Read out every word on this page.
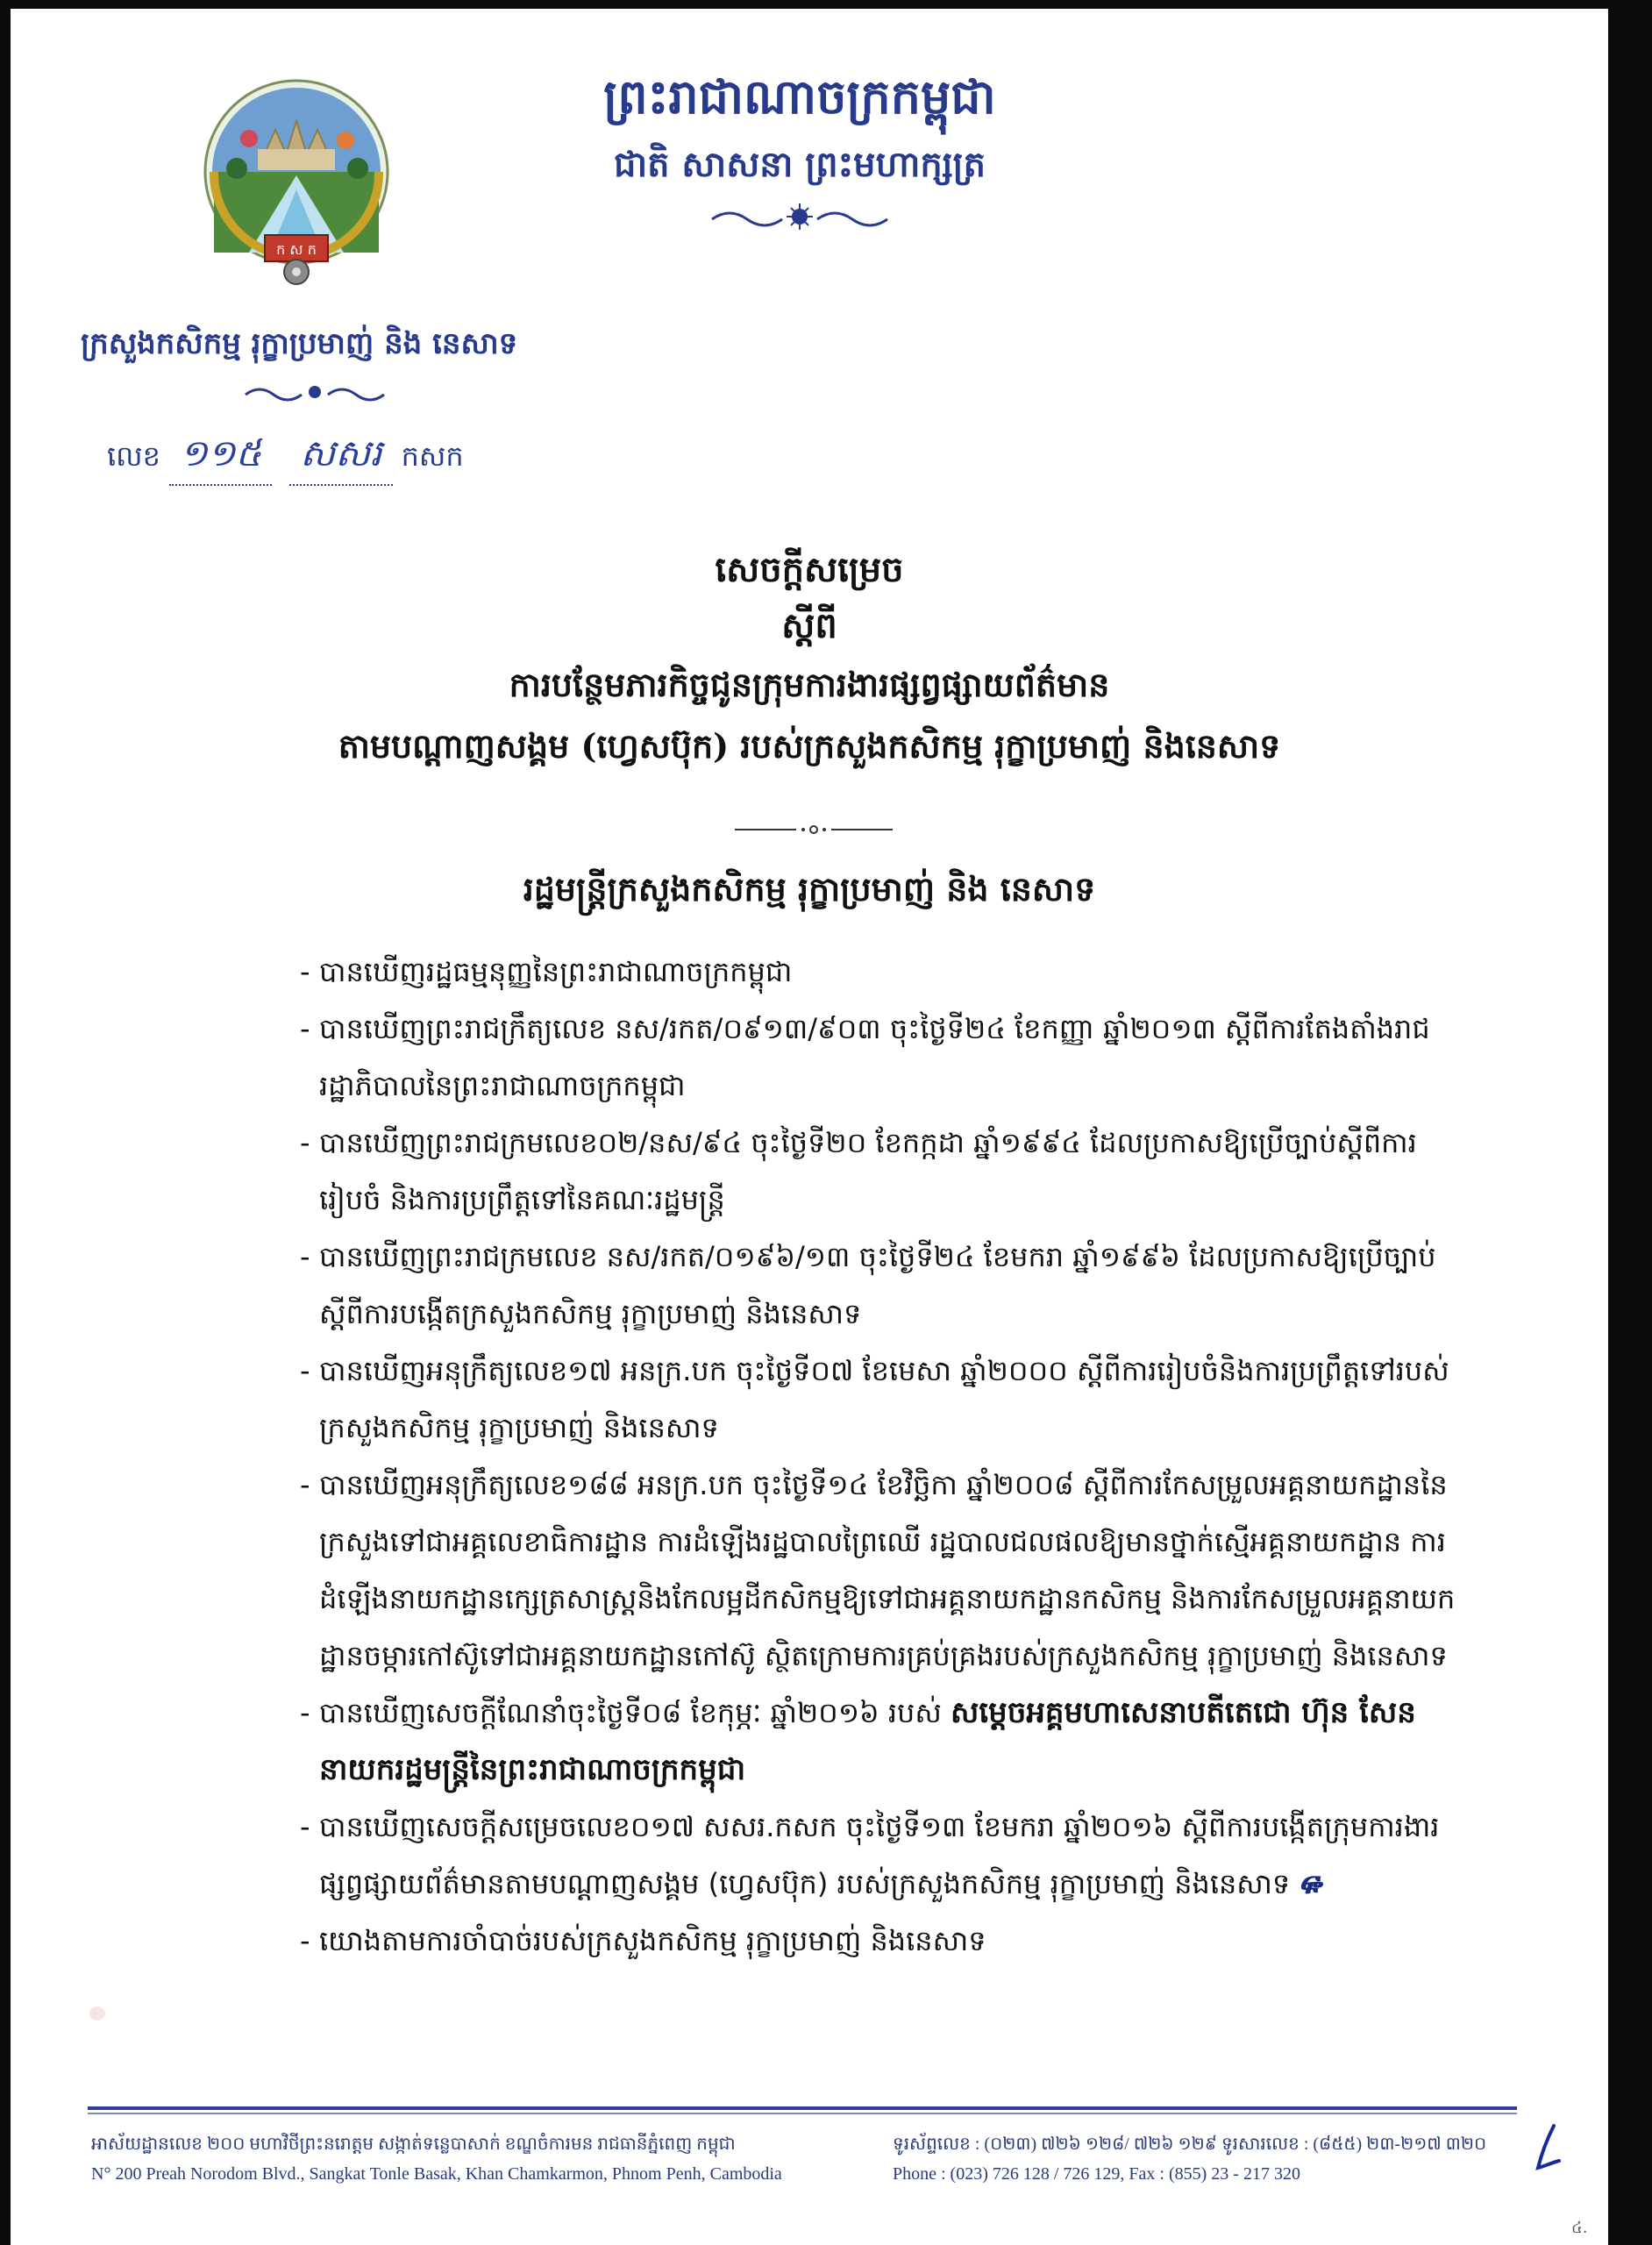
ក ស ក
ព្រះរាជាណាចក្រកម្ពុជា
ជាតិ សាសនា ព្រះមហាក្សត្រ
ក្រសួងកសិកម្ម រុក្ខាប្រមាញ់ និង នេសាទ
លេខ ១១៥ សសរ កសក
សេចក្តីសម្រេច
ស្តីពី
ការបន្ថែមភារកិច្ចជូនក្រុមការងារផ្សព្វផ្សាយព័ត៌មាន
តាមបណ្តាញសង្គម (ហ្វេសប៊ុក) របស់ក្រសួងកសិកម្ម រុក្ខាប្រមាញ់ និងនេសាទ
រដ្ឋមន្ត្រីក្រសួងកសិកម្ម រុក្ខាប្រមាញ់ និង នេសាទ
- បានឃើញរដ្ឋធម្មនុញ្ញនៃព្រះរាជាណាចក្រកម្ពុជា
- បានឃើញព្រះរាជក្រឹត្យលេខ នស/រកត/០៩១៣/៩០៣ ចុះថ្ងៃទី២៤ ខែកញ្ញា ឆ្នាំ២០១៣ ស្តីពីការតែងតាំងរាជរដ្ឋាភិបាលនៃព្រះរាជាណាចក្រកម្ពុជា
- បានឃើញព្រះរាជក្រមលេខ០២/នស/៩៤ ចុះថ្ងៃទី២០ ខែកក្កដា ឆ្នាំ១៩៩៤ ដែលប្រកាសឱ្យប្រើច្បាប់ស្តីពីការរៀបចំ និងការប្រព្រឹត្តទៅនៃគណៈរដ្ឋមន្ត្រី
- បានឃើញព្រះរាជក្រមលេខ នស/រកត/០១៩៦/១៣ ចុះថ្ងៃទី២៤ ខែមករា ឆ្នាំ១៩៩៦ ដែលប្រកាសឱ្យប្រើច្បាប់ស្តីពីការបង្កើតក្រសួងកសិកម្ម រុក្ខាប្រមាញ់ និងនេសាទ
- បានឃើញអនុក្រឹត្យលេខ១៧ អនក្រ.បក ចុះថ្ងៃទី០៧ ខែមេសា ឆ្នាំ២០០០ ស្តីពីការរៀបចំនិងការប្រព្រឹត្តទៅរបស់ក្រសួងកសិកម្ម រុក្ខាប្រមាញ់ និងនេសាទ
- បានឃើញអនុក្រឹត្យលេខ១៨៨ អនក្រ.បក ចុះថ្ងៃទី១៤ ខែវិច្ឆិកា ឆ្នាំ២០០៨ ស្តីពីការកែសម្រួលអគ្គនាយកដ្ឋាននៃក្រសួងទៅជាអគ្គលេខាធិការដ្ឋាន ការដំឡើងរដ្ឋបាលព្រៃឈើ រដ្ឋបាលជលផលឱ្យមានថ្នាក់ស្មើអគ្គនាយកដ្ឋាន ការដំឡើងនាយកដ្ឋានក្សេត្រសាស្ត្រនិងកែលម្អដីកសិកម្មឱ្យទៅជាអគ្គនាយកដ្ឋានកសិកម្ម និងការកែសម្រួលអគ្គនាយកដ្ឋានចម្ការកៅស៊ូទៅជាអគ្គនាយកដ្ឋានកៅស៊ូ ស្ថិតក្រោមការគ្រប់គ្រងរបស់ក្រសួងកសិកម្ម រុក្ខាប្រមាញ់ និងនេសាទ
- បានឃើញសេចក្តីណែនាំចុះថ្ងៃទី០៨ ខែកុម្ភៈ ឆ្នាំ២០១៦ របស់ សម្តេចអគ្គមហាសេនាបតីតេជោ ហ៊ុន សែន នាយករដ្ឋមន្ត្រីនៃព្រះរាជាណាចក្រកម្ពុជា
- បានឃើញសេចក្តីសម្រេចលេខ០១៧ សសរ.កសក ចុះថ្ងៃទី១៣ ខែមករា ឆ្នាំ២០១៦ ស្តីពីការបង្កើតក្រុមការងារផ្សព្វផ្សាយព័ត៌មានតាមបណ្តាញសង្គម (ហ្វេសប៊ុក) របស់ក្រសួងកសិកម្ម រុក្ខាប្រមាញ់ និងនេសាទ ᎋ
- យោងតាមការចាំបាច់របស់ក្រសួងកសិកម្ម រុក្ខាប្រមាញ់ និងនេសាទ
អាស័យដ្ឋានលេខ ២០០ មហាវិថីព្រះនរោត្តម សង្កាត់ទន្លេបាសាក់ ខណ្ឌចំការមន រាជធានីភ្នំពេញ កម្ពុជា
N° 200 Preah Norodom Blvd., Sangkat Tonle Basak, Khan Chamkarmon, Phnom Penh, Cambodia
ទូរស័ព្ទលេខ : (០២៣) ៧២៦ ១២៨/ ៧២៦ ១២៩ ទូរសារលេខ : (៨៥៥) ២៣-២១៧ ៣២០
Phone : (023) 726 128 / 726 129, Fax : (855) 23 - 217 320
៤.
